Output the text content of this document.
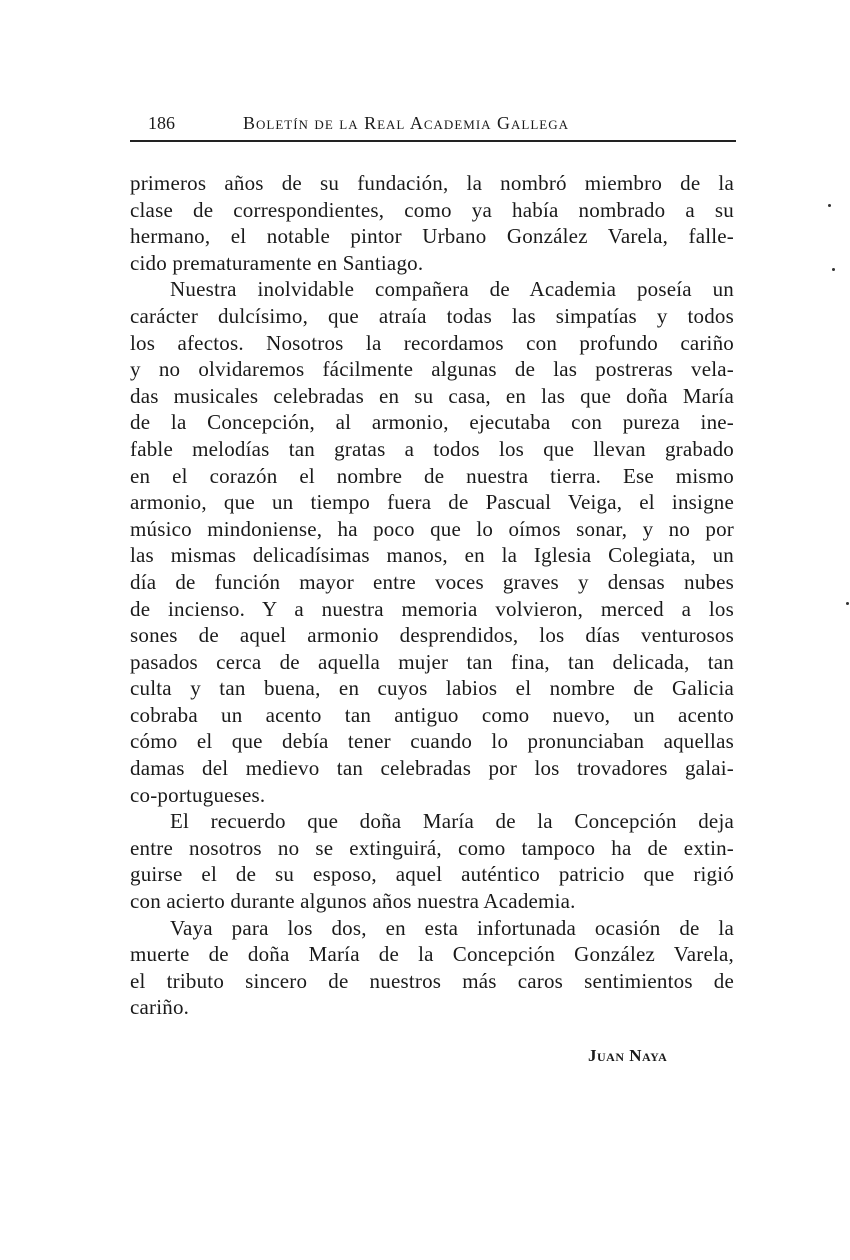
186	Boletín de la Real Academia Gallega
primeros años de su fundación, la nombró miembro de la
clase de correspondientes, como ya había nombrado a su
hermano, el notable pintor Urbano González Varela, falle-
cido prematuramente en Santiago.
Nuestra inolvidable compañera de Academia poseía un
carácter dulcísimo, que atraía todas las simpatías y todos
los afectos. Nosotros la recordamos con profundo cariño
y no olvidaremos fácilmente algunas de las postreras vela-
das musicales celebradas en su casa, en las que doña María
de la Concepción, al armonio, ejecutaba con pureza ine-
fable melodías tan gratas a todos los que llevan grabado
en el corazón el nombre de nuestra tierra. Ese mismo
armonio, que un tiempo fuera de Pascual Veiga, el insigne
músico mindoniense, ha poco que lo oímos sonar, y no por
las mismas delicadísimas manos, en la Iglesia Colegiata, un
día de función mayor entre voces graves y densas nubes
de incienso. Y a nuestra memoria volvieron, merced a los
sones de aquel armonio desprendidos, los días venturosos
pasados cerca de aquella mujer tan fina, tan delicada, tan
culta y tan buena, en cuyos labios el nombre de Galicia
cobraba un acento tan antiguo como nuevo, un acento
cómo el que debía tener cuando lo pronunciaban aquellas
damas del medievo tan celebradas por los trovadores galai-
co-portugueses.
El recuerdo que doña María de la Concepción deja
entre nosotros no se extinguirá, como tampoco ha de extin-
guirse el de su esposo, aquel auténtico patricio que rigió
con acierto durante algunos años nuestra Academia.
Vaya para los dos, en esta infortunada ocasión de la
muerte de doña María de la Concepción González Varela,
el tributo sincero de nuestros más caros sentimientos de
cariño.
Juan Naya
